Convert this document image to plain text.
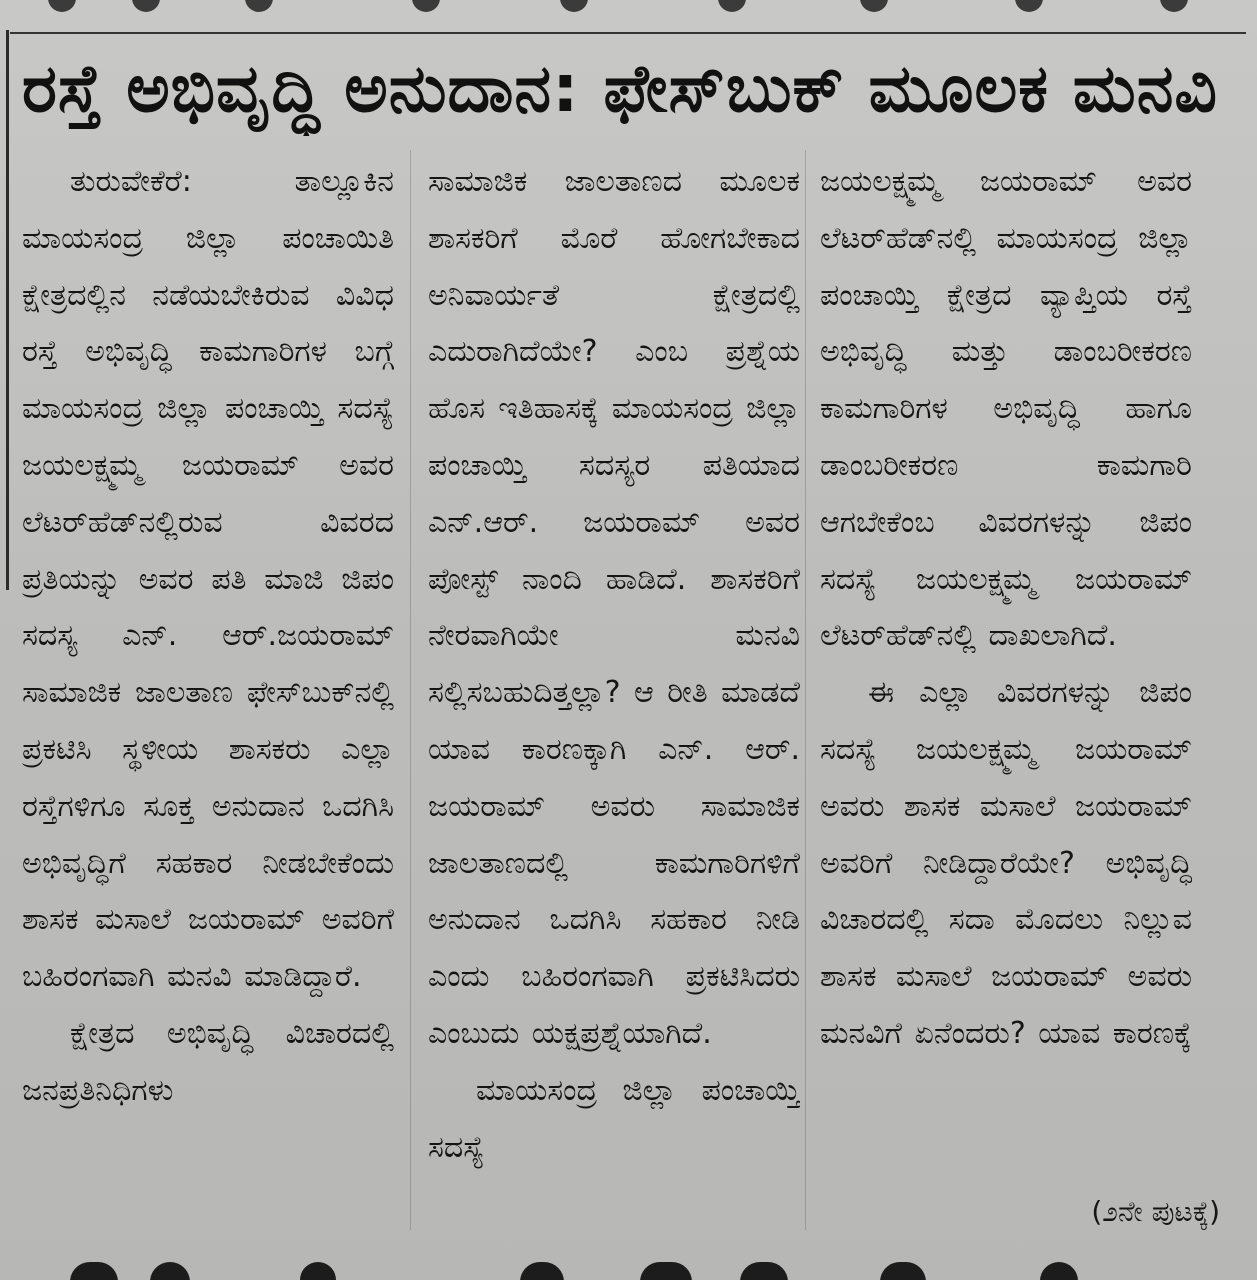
ರಸ್ತೆ ಅಭಿವೃದ್ಧಿ ಅನುದಾನ: ಫೇಸ್‌ಬುಕ್ ಮೂಲಕ ಮನವಿ

ತುರುವೇಕೆರೆ: ತಾಲ್ಲೂಕಿನ ಮಾಯಸಂದ್ರ ಜಿಲ್ಲಾ ಪಂಚಾಯಿತಿ ಕ್ಷೇತ್ರದಲ್ಲಿನ ನಡೆಯಬೇಕಿರುವ ವಿವಿಧ ರಸ್ತೆ ಅಭಿವೃದ್ಧಿ ಕಾಮಗಾರಿಗಳ ಬಗ್ಗೆ ಮಾಯಸಂದ್ರ ಜಿಲ್ಲಾ ಪಂಚಾಯ್ತಿ ಸದಸ್ಯೆ ಜಯಲಕ್ಷ್ಮಮ್ಮ ಜಯರಾಮ್ ಅವರ ಲೆಟರ್‌ಹೆಡ್‌ನಲ್ಲಿರುವ ವಿವರದ ಪ್ರತಿಯನ್ನು ಅವರ ಪತಿ ಮಾಜಿ ಜಿಪಂ ಸದಸ್ಯ ಎನ್. ಆರ್.ಜಯರಾಮ್ ಸಾಮಾಜಿಕ ಜಾಲತಾಣ ಫೇಸ್‌ಬುಕ್‌ನಲ್ಲಿ ಪ್ರಕಟಿಸಿ ಸ್ಥಳೀಯ ಶಾಸಕರು ಎಲ್ಲಾ ರಸ್ತೆಗಳಿಗೂ ಸೂಕ್ತ ಅನುದಾನ ಒದಗಿಸಿ ಅಭಿವೃದ್ಧಿಗೆ ಸಹಕಾರ ನೀಡಬೇಕೆಂದು ಶಾಸಕ ಮಸಾಲೆ ಜಯರಾಮ್ ಅವರಿಗೆ ಬಹಿರಂಗವಾಗಿ ಮನವಿ ಮಾಡಿದ್ದಾರೆ.

ಕ್ಷೇತ್ರದ ಅಭಿವೃದ್ಧಿ ವಿಚಾರದಲ್ಲಿ ಜನಪ್ರತಿನಿಧಿಗಳು

ಸಾಮಾಜಿಕ ಜಾಲತಾಣದ ಮೂಲಕ ಶಾಸಕರಿಗೆ ಮೊರೆ ಹೋಗಬೇಕಾದ ಅನಿವಾರ್ಯತೆ ಕ್ಷೇತ್ರದಲ್ಲಿ ಎದುರಾಗಿದೆಯೇ? ಎಂಬ ಪ್ರಶ್ನೆಯ ಹೊಸ ಇತಿಹಾಸಕ್ಕೆ ಮಾಯಸಂದ್ರ ಜಿಲ್ಲಾ ಪಂಚಾಯ್ತಿ ಸದಸ್ಯರ ಪತಿಯಾದ ಎನ್.ಆರ್. ಜಯರಾಮ್ ಅವರ ಪೋಸ್ಟ್ ನಾಂದಿ ಹಾಡಿದೆ. ಶಾಸಕರಿಗೆ ನೇರವಾಗಿಯೇ ಮನವಿ ಸಲ್ಲಿಸಬಹುದಿತ್ತಲ್ಲಾ? ಆ ರೀತಿ ಮಾಡದೆ ಯಾವ ಕಾರಣಕ್ಕಾಗಿ ಎನ್. ಆರ್. ಜಯರಾಮ್ ಅವರು ಸಾಮಾಜಿಕ ಜಾಲತಾಣದಲ್ಲಿ ಕಾಮಗಾರಿಗಳಿಗೆ ಅನುದಾನ ಒದಗಿಸಿ ಸಹಕಾರ ನೀಡಿ ಎಂದು ಬಹಿರಂಗವಾಗಿ ಪ್ರಕಟಿಸಿದರು ಎಂಬುದು ಯಕ್ಷಪ್ರಶ್ನೆಯಾಗಿದೆ.

ಮಾಯಸಂದ್ರ ಜಿಲ್ಲಾ ಪಂಚಾಯ್ತಿ ಸದಸ್ಯೆ

ಜಯಲಕ್ಷ್ಮಮ್ಮ ಜಯರಾಮ್ ಅವರ ಲೆಟರ್‌ಹೆಡ್‌ನಲ್ಲಿ ಮಾಯಸಂದ್ರ ಜಿಲ್ಲಾ ಪಂಚಾಯ್ತಿ ಕ್ಷೇತ್ರದ ವ್ಯಾಪ್ತಿಯ ರಸ್ತೆ ಅಭಿವೃದ್ಧಿ ಮತ್ತು ಡಾಂಬರೀಕರಣ ಕಾಮಗಾರಿಗಳ ಅಭಿವೃದ್ಧಿ ಹಾಗೂ ಡಾಂಬರೀಕರಣ ಕಾಮಗಾರಿ ಆಗಬೇಕೆಂಬ ವಿವರಗಳನ್ನು ಜಿಪಂ ಸದಸ್ಯೆ ಜಯಲಕ್ಷ್ಮಮ್ಮ ಜಯರಾಮ್ ಲೆಟರ್‌ಹೆಡ್‌ನಲ್ಲಿ ದಾಖಲಾಗಿದೆ.

ಈ ಎಲ್ಲಾ ವಿವರಗಳನ್ನು ಜಿಪಂ ಸದಸ್ಯೆ ಜಯಲಕ್ಷ್ಮಮ್ಮ ಜಯರಾಮ್ ಅವರು ಶಾಸಕ ಮಸಾಲೆ ಜಯರಾಮ್ ಅವರಿಗೆ ನೀಡಿದ್ದಾರೆಯೇ? ಅಭಿವೃದ್ಧಿ ವಿಚಾರದಲ್ಲಿ ಸದಾ ಮೊದಲು ನಿಲ್ಲುವ ಶಾಸಕ ಮಸಾಲೆ ಜಯರಾಮ್ ಅವರು ಮನವಿಗೆ ಏನೆಂದರು? ಯಾವ ಕಾರಣಕ್ಕೆ

(೨ನೇ ಪುಟಕ್ಕೆ)
